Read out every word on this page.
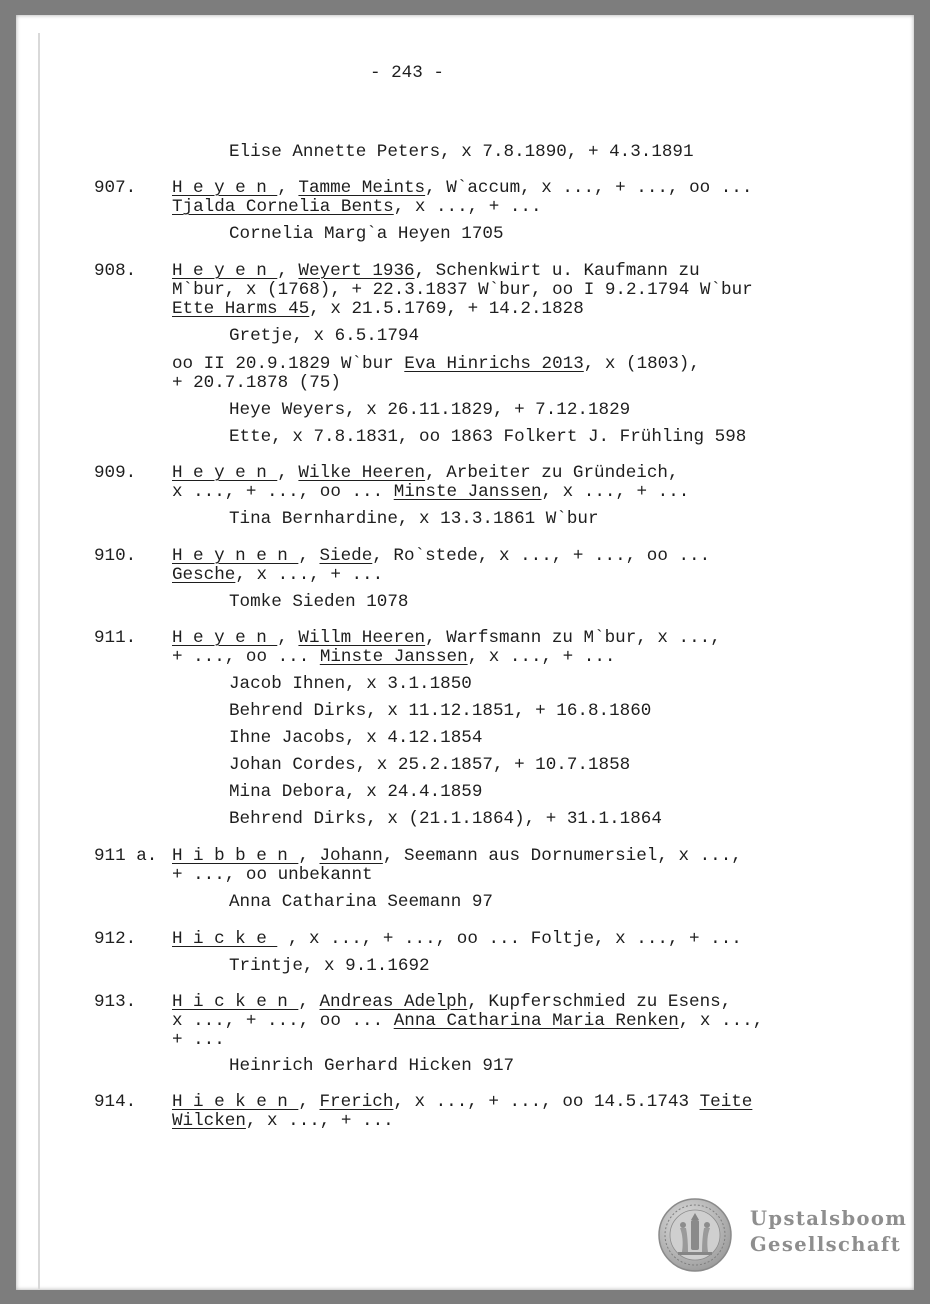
- 243 -
Elise Annette Peters, x 7.8.1890, + 4.3.1891
907. Heyen, Tamme Meints, W`accum, x ..., + ..., oo ...
Tjalda Cornelia Bents, x ..., + ...
Cornelia Marg`a Heyen 1705
908. Heyen, Weyert 1936, Schenkwirt u. Kaufmann zu
M`bur, x (1768), + 22.3.1837 W`bur, oo I 9.2.1794 W`bur
Ette Harms 45, x 21.5.1769, + 14.2.1828
Gretje, x 6.5.1794
oo II 20.9.1829 W`bur Eva Hinrichs 2013, x (1803),
+ 20.7.1878 (75)
Heye Weyers, x 26.11.1829, + 7.12.1829
Ette, x 7.8.1831, oo 1863 Folkert J. Frühling 598
909. Heyen, Wilke Heeren, Arbeiter zu Gründeich,
x ..., + ..., oo ... Minste Janssen, x ..., + ...
Tina Bernhardine, x 13.3.1861 W`bur
910. Heynen, Siede, Ro`stede, x ..., + ..., oo ...
Gesche, x ..., + ...
Tomke Sieden 1078
911. Heyen, Willm Heeren, Warfsmann zu M`bur, x ...,
+ ..., oo ... Minste Janssen, x ..., + ...
Jacob Ihnen, x 3.1.1850
Behrend Dirks, x 11.12.1851, + 16.8.1860
Ihne Jacobs, x 4.12.1854
Johan Cordes, x 25.2.1857, + 10.7.1858
Mina Debora, x 24.4.1859
Behrend Dirks, x (21.1.1864), + 31.1.1864
911 a. Hibben, Johann, Seemann aus Dornumersiel, x ...,
+ ..., oo unbekannt
Anna Catharina Seemann 97
912. Hicke , x ..., + ..., oo ... Foltje, x ..., + ...
Trintje, x 9.1.1692
913. Hicken, Andreas Adelph, Kupferschmied zu Esens,
x ..., + ..., oo ... Anna Catharina Maria Renken, x ...,
+ ...
Heinrich Gerhard Hicken 917
914. Hieken, Frerich, x ..., + ..., oo 14.5.1743 Teite
Wilcken, x ..., + ...
Upstalsboom
Gesellschaft
